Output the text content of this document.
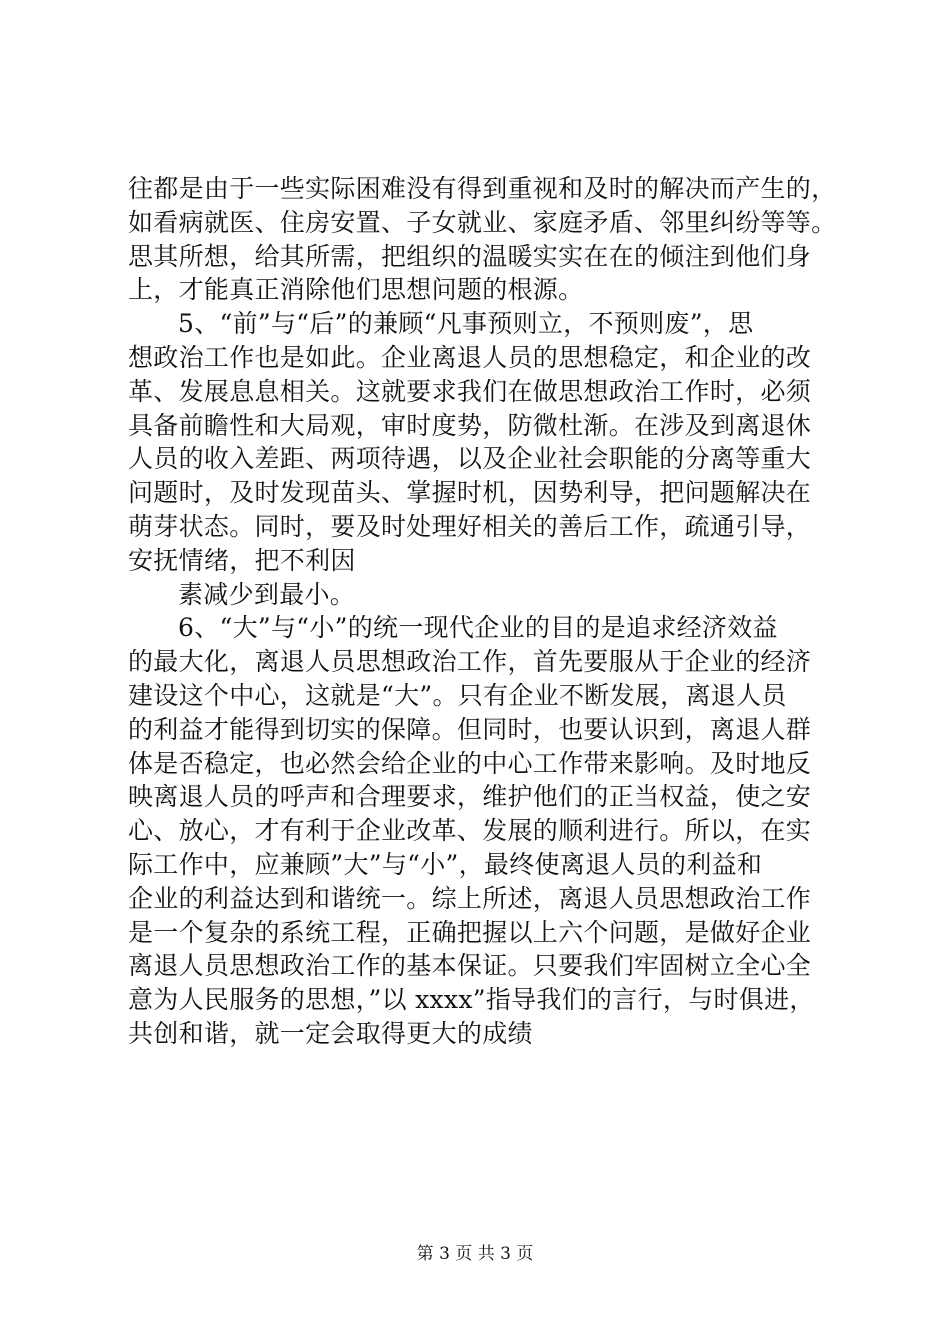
往都是由于一些实际困难没有得到重视和及时的解决而产生的，
如看病就医、住房安置、子女就业、家庭矛盾、邻里纠纷等等。
思其所想，给其所需，把组织的温暖实实在在的倾注到他们身
上，才能真正消除他们思想问题的根源。
5、“前”与“后”的兼顾“凡事预则立，不预则废”，思
想政治工作也是如此。企业离退人员的思想稳定，和企业的改
革、发展息息相关。这就要求我们在做思想政治工作时，必须
具备前瞻性和大局观，审时度势，防微杜渐。在涉及到离退休
人员的收入差距、两项待遇，以及企业社会职能的分离等重大
问题时，及时发现苗头、掌握时机，因势利导，把问题解决在
萌芽状态。同时，要及时处理好相关的善后工作，疏通引导，
安抚情绪，把不利因
素减少到最小。
6、“大”与“小”的统一现代企业的目的是追求经济效益
的最大化，离退人员思想政治工作，首先要服从于企业的经济
建设这个中心，这就是“大”。只有企业不断发展，离退人员
的利益才能得到切实的保障。但同时，也要认识到，离退人群
体是否稳定，也必然会给企业的中心工作带来影响。及时地反
映离退人员的呼声和合理要求，维护他们的正当权益，使之安
心、放心，才有利于企业改革、发展的顺利进行。所以，在实
际工作中，应兼顾”大”与“小”，最终使离退人员的利益和
企业的利益达到和谐统一。综上所述，离退人员思想政治工作
是一个复杂的系统工程，正确把握以上六个问题，是做好企业
离退人员思想政治工作的基本保证。只要我们牢固树立全心全
意为人民服务的思想，”以 xxxx”指导我们的言行，与时俱进，
共创和谐，就一定会取得更大的成绩
第 3 页 共 3 页
